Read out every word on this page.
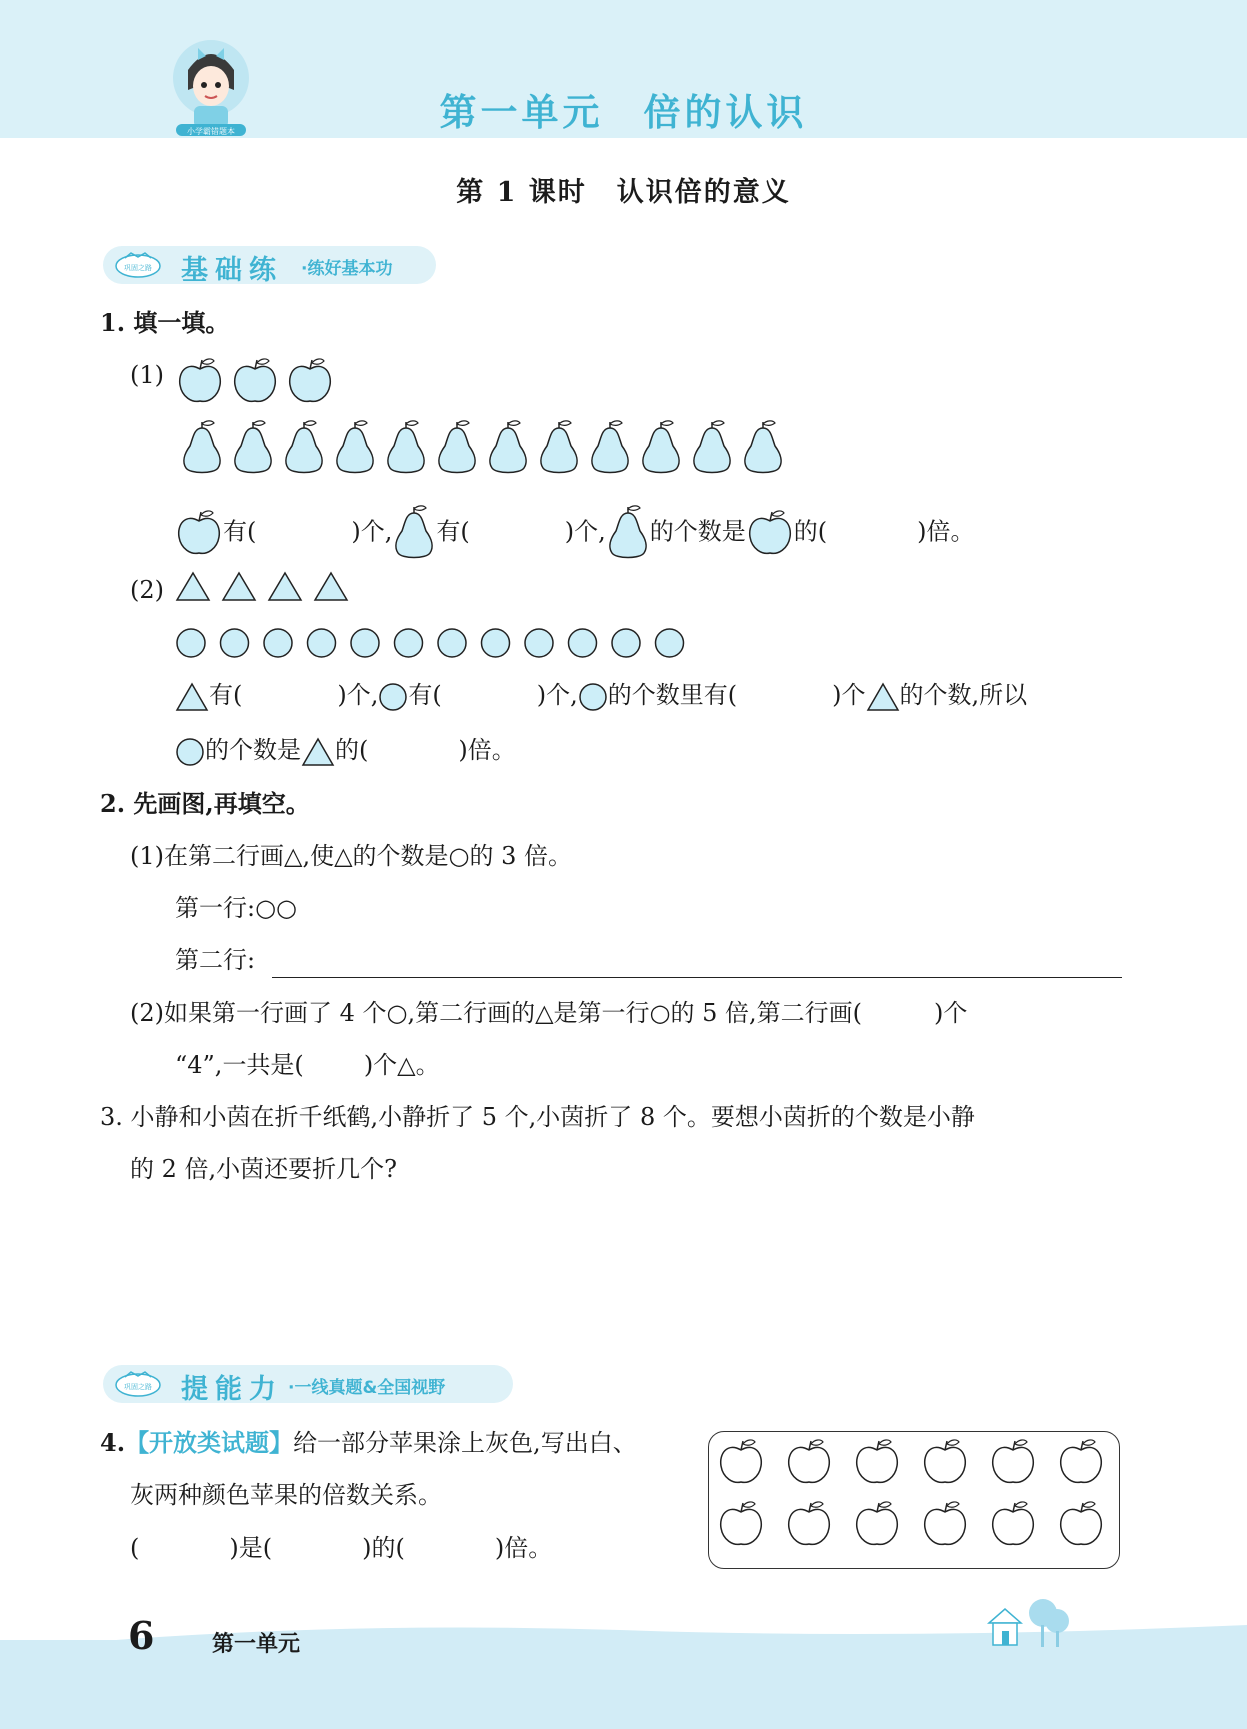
小学霸错题本	第一单元 倍的认识
第 1 课时 认识倍的意义
巩固之路 基础练 ·练好基本功
1. 填一填。
(1)
有(	)个, 有(	)个, 的个数是 的(	)倍。
(2)
有(	)个, 有(	)个, 的个数里有(	)个 的个数,所以
的个数是 的(	)倍。
2. 先画图,再填空。
(1)在第二行画△,使△的个数是○的 3 倍。
第一行:○○
第二行:
(2)如果第一行画了 4 个○,第二行画的△是第一行○的 5 倍,第二行画(	)个
“4”,一共是(	)个△。
3. 小静和小茵在折千纸鹤,小静折了 5 个,小茵折了 8 个。要想小茵折的个数是小静
的 2 倍,小茵还要折几个?
巩固之路 提能力 ·一线真题&全国视野
4.【开放类试题】给一部分苹果涂上灰色,写出白、
灰两种颜色苹果的倍数关系。
(	)是(	)的(	)倍。
6	第一单元
